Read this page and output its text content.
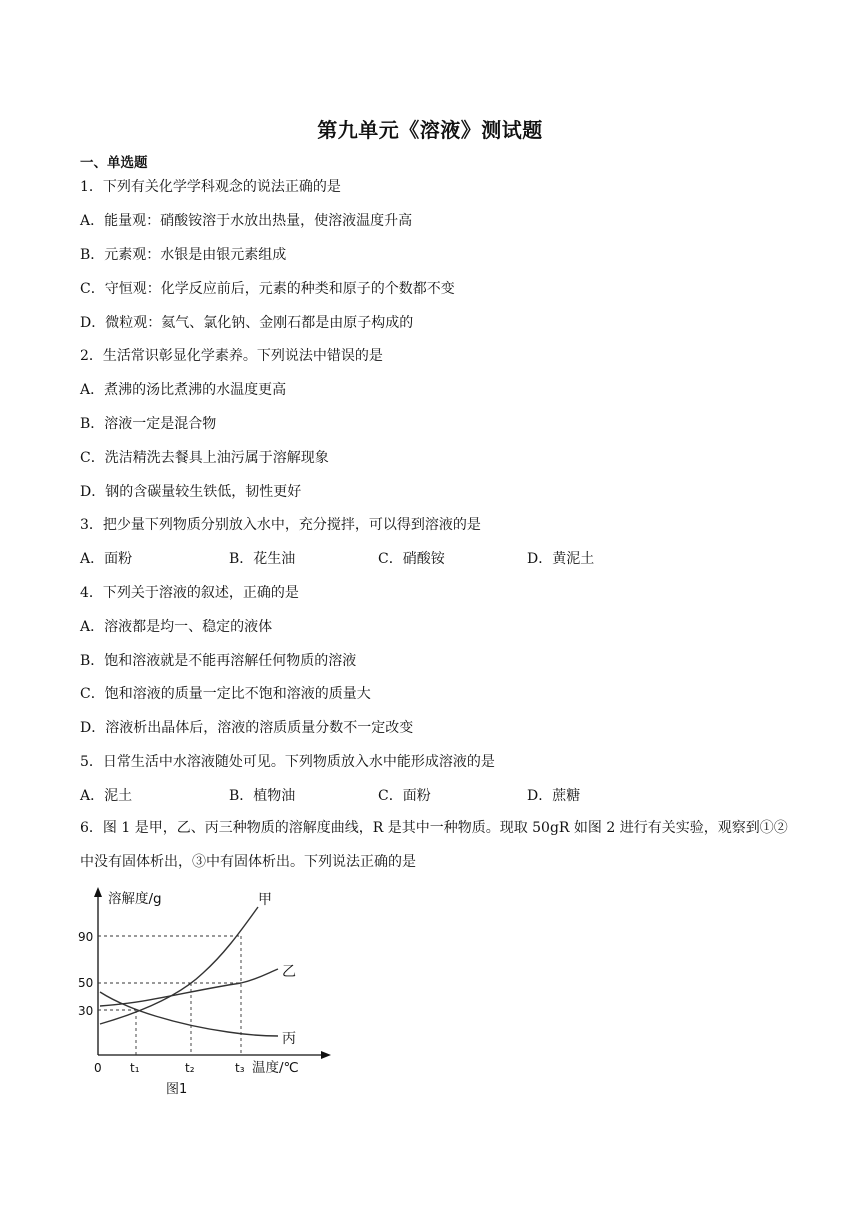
第九单元《溶液》测试题
一、单选题
1．下列有关化学学科观念的说法正确的是
A．能量观：硝酸铵溶于水放出热量，使溶液温度升高
B．元素观：水银是由银元素组成
C．守恒观：化学反应前后，元素的种类和原子的个数都不变
D．微粒观：氦气、氯化钠、金刚石都是由原子构成的
2．生活常识彰显化学素养。下列说法中错误的是
A．煮沸的汤比煮沸的水温度更高
B．溶液一定是混合物
C．洗洁精洗去餐具上油污属于溶解现象
D．钢的含碳量较生铁低，韧性更好
3．把少量下列物质分别放入水中，充分搅拌，可以得到溶液的是
A．面粉	B．花生油	C．硝酸铵	D．黄泥土
4．下列关于溶液的叙述，正确的是
A．溶液都是均一、稳定的液体
B．饱和溶液就是不能再溶解任何物质的溶液
C．饱和溶液的质量一定比不饱和溶液的质量大
D．溶液析出晶体后，溶液的溶质质量分数不一定改变
5．日常生活中水溶液随处可见。下列物质放入水中能形成溶液的是
A．泥土	B．植物油	C．面粉	D．蔗糖
6．图 1 是甲，乙、丙三种物质的溶解度曲线，R 是其中一种物质。现取 50gR 如图 2 进行有关实验，观察到①②中没有固体析出，③中有固体析出。下列说法正确的是
溶解度/g
90
50
30
0 t₁	t₂	t₃ 温度/℃
甲
乙
丙
图1
